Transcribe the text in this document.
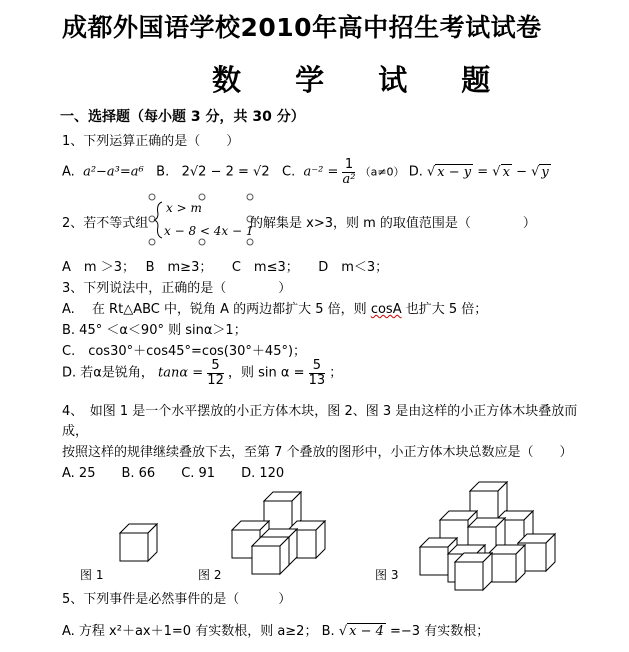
成都外国语学校2010年高中招生考试试卷
数 学 试 题
一、选择题（每小题 3 分，共 30 分）
1、下列运算正确的是（　　）
A.  a²−a³=a⁶ B. 2√2 − 2 = √2 C.  $a^{-2} = \frac{1}{\text{a²}} (a\ne 0)$ D. √ x − y = √ x − √ y
2、若不等式组
x > m
x − 8 < 4x − 1
的解集是 x>3，则 m 的取值范围是（　　　　）
A　m ＞3；　 B　m≥3；　　C　m≤3；　　D　m＜3；
3、下列说法中，正确的是（　　　　）
A.　 在 Rt△ABC 中，锐角 A 的两边都扩大 5 倍，则 cosA 也扩大 5 倍；
B. 45° ＜α＜90° 则 sinα＞1；
C.　cos30°＋cos45°=cos(30°＋45°)；
D. 若α是锐角， $\tan\alpha = \frac{5}{12}$ ，则 $\sin \alpha = \frac{5}{13}$ ；
4、　如图 1 是一个水平摆放的小正方体木块，图 2、图 3 是由这样的小正方体木块叠放而
成，
按照这样的规律继续叠放下去，至第 7 个叠放的图形中，小正方体木块总数应是（　　）
A. 25　　B. 66　　C. 91　　D. 120
图 1	图 2	图 3
5、下列事件是必然事件的是（　　　）
A. 方程 x²＋ax＋1=0 有实数根，则 a≥2； B. √ x − 4 =−3 有实数根；
